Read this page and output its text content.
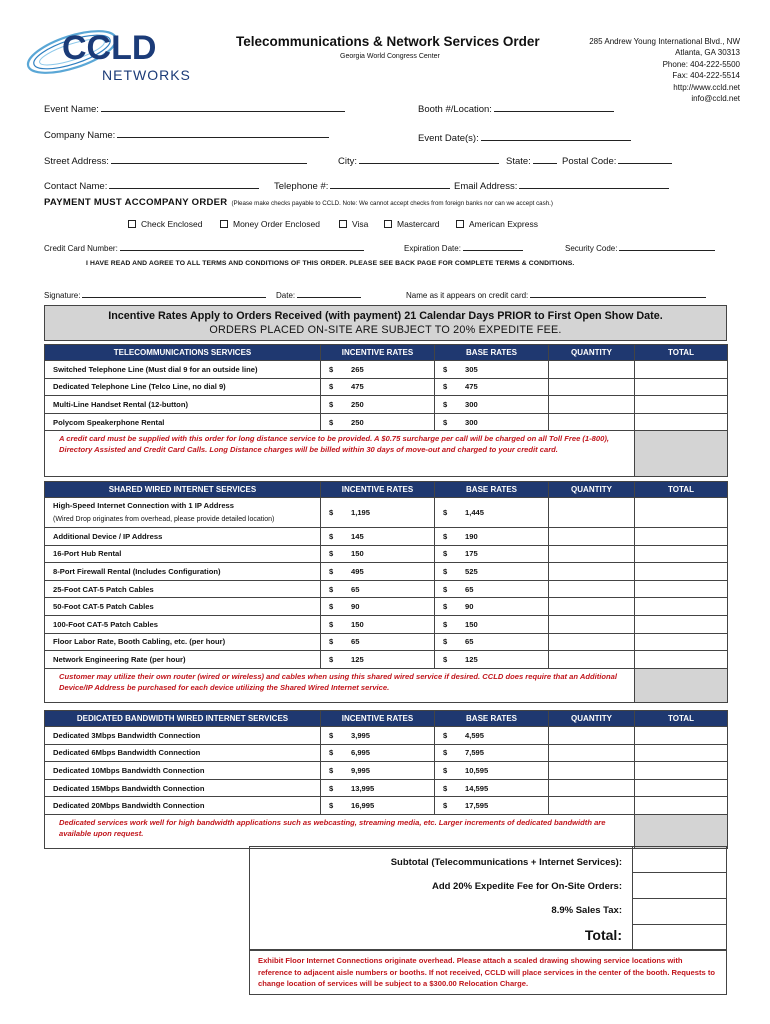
CCLD
NETWORKS
Telecommunications & Network Services Order
Georgia World Congress Center
285 Andrew Young International Blvd., NW
Atlanta, GA 30313
Phone: 404-222-5500
Fax: 404-222-5514
http://www.ccld.net
info@ccld.net
Event Name:	Booth #/Location:
Company Name:	Event Date(s):
Street Address:	City:	State:	Postal Code:
Contact Name:	Telephone #:	Email Address:
PAYMENT MUST ACCOMPANY ORDER (Please make checks payable to CCLD. Note: We cannot accept checks from foreign banks nor can we accept cash.)
Check Enclosed	Money Order Enclosed	Visa	Mastercard	American Express
Credit Card Number:	Expiration Date:	Security Code:
I HAVE READ AND AGREE TO ALL TERMS AND CONDITIONS OF THIS ORDER. PLEASE SEE BACK PAGE FOR COMPLETE TERMS & CONDITIONS.
Signature:	Date:	Name as it appears on credit card:
Incentive Rates Apply to Orders Received (with payment) 21 Calendar Days PRIOR to First Open Show Date.
ORDERS PLACED ON-SITE ARE SUBJECT TO 20% EXPEDITE FEE.
TELECOMMUNICATIONS SERVICES	INCENTIVE RATES	BASE RATES	QUANTITY	TOTAL
Switched Telephone Line (Must dial 9 for an outside line)	$ 265	$ 305		
Dedicated Telephone Line (Telco Line, no dial 9)	$ 475	$ 475		
Multi-Line Handset Rental (12-button)	$ 250	$ 300		
Polycom Speakerphone Rental	$ 250	$ 300		
A credit card must be supplied with this order for long distance service to be provided. A $0.75 surcharge per call will be charged on all Toll Free (1-800), Directory Assisted and Credit Card Calls. Long Distance charges will be billed within 30 days of move-out and charged to your credit card.				
SHARED WIRED INTERNET SERVICES	INCENTIVE RATES	BASE RATES	QUANTITY	TOTAL
High-Speed Internet Connection with 1 IP Address
(Wired Drop originates from overhead, please provide detailed location)	$ 1,195	$ 1,445		
Additional Device / IP Address	$ 145	$ 190		
16-Port Hub Rental	$ 150	$ 175		
8-Port Firewall Rental (Includes Configuration)	$ 495	$ 525		
25-Foot CAT-5 Patch Cables	$ 65	$ 65		
50-Foot CAT-5 Patch Cables	$ 90	$ 90		
100-Foot CAT-5 Patch Cables	$ 150	$ 150		
Floor Labor Rate, Booth Cabling, etc. (per hour)	$ 65	$ 65		
Network Engineering Rate (per hour)	$ 125	$ 125		
Customer may utilize their own router (wired or wireless) and cables when using this shared wired service if desired. CCLD does require that an Additional Device/IP Address be purchased for each device utilizing the Shared Wired Internet service.				
DEDICATED BANDWIDTH WIRED INTERNET SERVICES	INCENTIVE RATES	BASE RATES	QUANTITY	TOTAL
Dedicated 3Mbps Bandwidth Connection	$ 3,995	$ 4,595		
Dedicated 6Mbps Bandwidth Connection	$ 6,995	$ 7,595		
Dedicated 10Mbps Bandwidth Connection	$ 9,995	$ 10,595		
Dedicated 15Mbps Bandwidth Connection	$ 13,995	$ 14,595		
Dedicated 20Mbps Bandwidth Connection	$ 16,995	$ 17,595		
Dedicated services work well for high bandwidth applications such as webcasting, streaming media, etc. Larger increments of dedicated bandwidth are available upon request.				
Subtotal (Telecommunications + Internet Services):
Add 20% Expedite Fee for On-Site Orders:
8.9% Sales Tax:
Total:
Exhibit Floor Internet Connections originate overhead. Please attach a scaled drawing showing service locations with reference to adjacent aisle numbers or booths. If not received, CCLD will place services in the center of the booth. Requests to change location of services will be subject to a $300.00 Relocation Charge.
